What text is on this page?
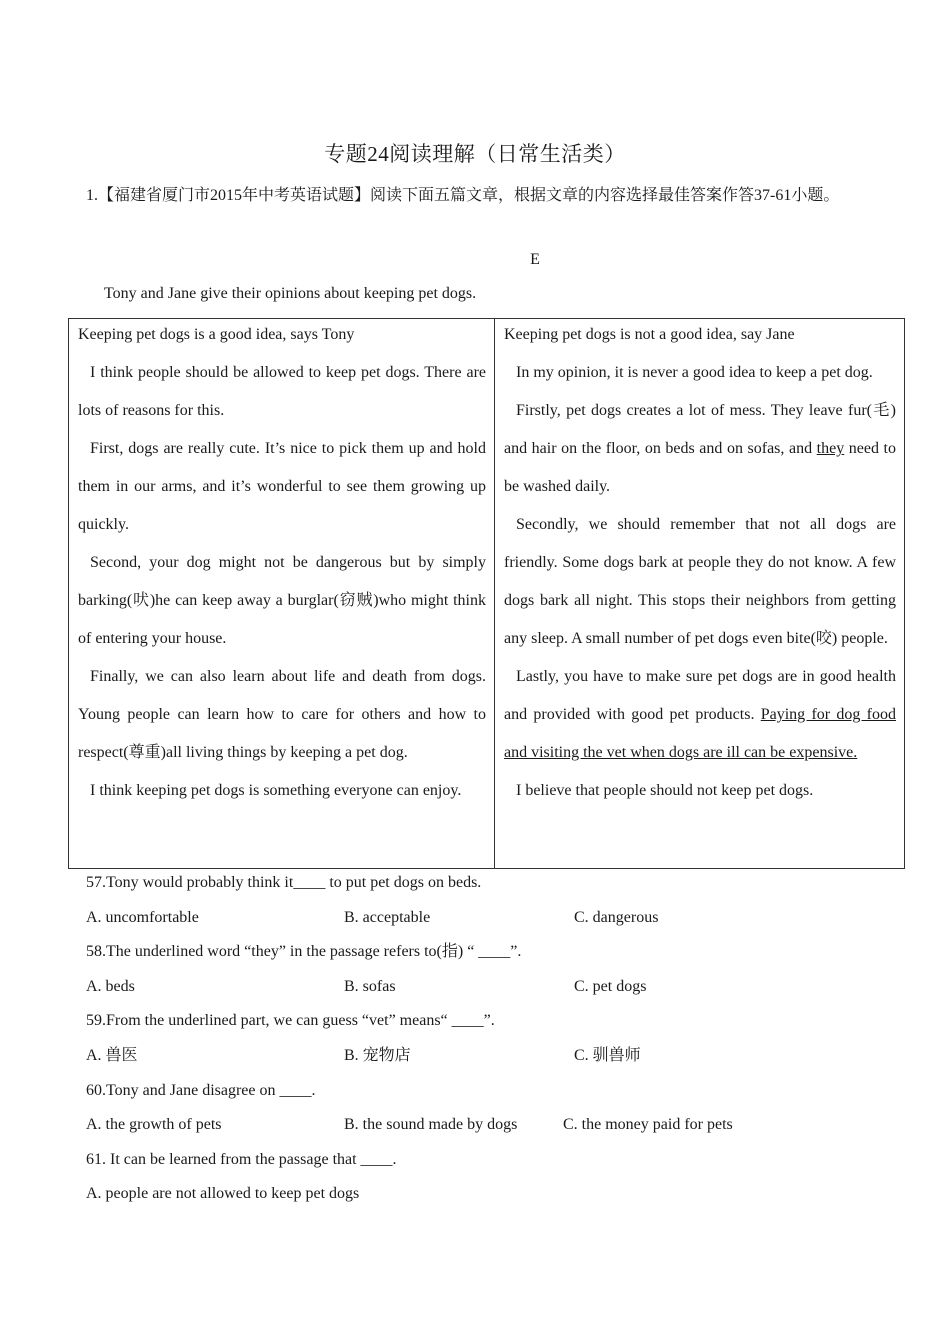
专题24阅读理解（日常生活类）
1.【福建省厦门市2015年中考英语试题】阅读下面五篇文章，根据文章的内容选择最佳答案作答37-61小题。
E
Tony and Jane give their opinions about keeping pet dogs.

Keeping pet dogs is a good idea, says Tony

I think people should be allowed to keep pet dogs. There are lots of reasons for this.

First, dogs are really cute. It’s nice to pick them up and hold them in our arms, and it’s wonderful to see them growing up quickly.

Second, your dog might not be dangerous but by simply barking(吠)he can keep away a burglar(窃贼)who might think of entering your house.

Finally, we can also learn about life and death from dogs. Young people can learn how to care for others and how to respect(尊重)all living things by keeping a pet dog.

I think keeping pet dogs is something everyone can enjoy.

Keeping pet dogs is not a good idea, say Jane

In my opinion, it is never a good idea to keep a pet dog.

Firstly, pet dogs creates a lot of mess. They leave fur(毛) and hair on the floor, on beds and on sofas, and they need to be washed daily.

Secondly, we should remember that not all dogs are friendly. Some dogs bark at people they do not know. A few dogs bark all night. This stops their neighbors from getting any sleep. A small number of pet dogs even bite(咬) people.

Lastly, you have to make sure pet dogs are in good health and provided with good pet products. Paying for dog food and visiting the vet when dogs are ill can be expensive.

I believe that people should not keep pet dogs.

57.Tony would probably think it____ to put pet dogs on beds.
A. uncomfortable	B. acceptable	C. dangerous
58.The underlined word “they” in the passage refers to(指) “ ____”.
A. beds	B. sofas	C. pet dogs
59.From the underlined part, we can guess “vet” means“ ____”.
A. 兽医	B. 宠物店	C. 驯兽师
60.Tony and Jane disagree on ____.
A. the growth of pets	B. the sound made by dogs	C. the money paid for pets
61. It can be learned from the passage that ____.
A. people are not allowed to keep pet dogs
